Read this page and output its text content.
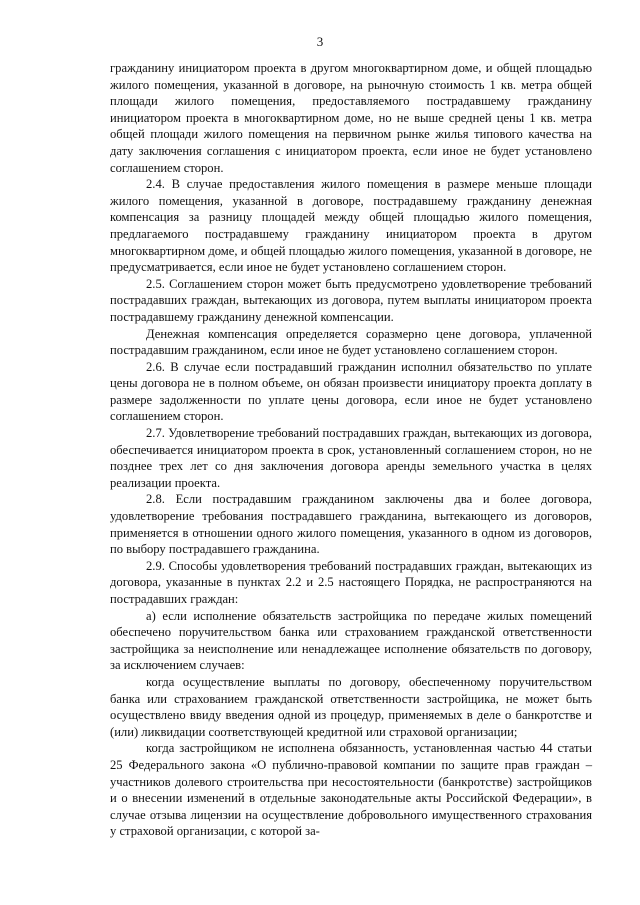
3

гражданину инициатором проекта в другом многоквартирном доме, и общей площадью жилого помещения, указанной в договоре, на рыночную стоимость 1 кв. метра общей площади жилого помещения, предоставляемого пострадавшему гражданину инициатором проекта в многоквартирном доме, но не выше средней цены 1 кв. метра общей площади жилого помещения на первичном рынке жилья типового качества на дату заключения соглашения с инициатором проекта, если иное не будет установлено соглашением сторон.

2.4. В случае предоставления жилого помещения в размере меньше площади жилого помещения, указанной в договоре, пострадавшему гражданину денежная компенсация за разницу площадей между общей площадью жилого помещения, предлагаемого пострадавшему гражданину инициатором проекта в другом многоквартирном доме, и общей площадью жилого помещения, указанной в договоре, не предусматривается, если иное не будет установлено соглашением сторон.

2.5. Соглашением сторон может быть предусмотрено удовлетворение требований пострадавших граждан, вытекающих из договора, путем выплаты инициатором проекта пострадавшему гражданину денежной компенсации.

Денежная компенсация определяется соразмерно цене договора, уплаченной пострадавшим гражданином, если иное не будет установлено соглашением сторон.

2.6. В случае если пострадавший гражданин исполнил обязательство по уплате цены договора не в полном объеме, он обязан произвести инициатору проекта доплату в размере задолженности по уплате цены договора, если иное не будет установлено соглашением сторон.

2.7. Удовлетворение требований пострадавших граждан, вытекающих из договора, обеспечивается инициатором проекта в срок, установленный соглашением сторон, но не позднее трех лет со дня заключения договора аренды земельного участка в целях реализации проекта.

2.8. Если пострадавшим гражданином заключены два и более договора, удовлетворение требования пострадавшего гражданина, вытекающего из договоров, применяется в отношении одного жилого помещения, указанного в одном из договоров, по выбору пострадавшего гражданина.

2.9. Способы удовлетворения требований пострадавших граждан, вытекающих из договора, указанные в пунктах 2.2 и 2.5 настоящего Порядка, не распространяются на пострадавших граждан:

а) если исполнение обязательств застройщика по передаче жилых помещений обеспечено поручительством банка или страхованием гражданской ответственности застройщика за неисполнение или ненадлежащее исполнение обязательств по договору, за исключением случаев:

когда осуществление выплаты по договору, обеспеченному поручительством банка или страхованием гражданской ответственности застройщика, не может быть осуществлено ввиду введения одной из процедур, применяемых в деле о банкротстве и (или) ликвидации соответствующей кредитной или страховой организации;

когда застройщиком не исполнена обязанность, установленная частью 44 статьи 25 Федерального закона «О публично-правовой компании по защите прав граждан – участников долевого строительства при несостоятельности (банкротстве) застройщиков и о внесении изменений в отдельные законодательные акты Российской Федерации», в случае отзыва лицензии на осуществление добровольного имущественного страхования у страховой организации, с которой за-
